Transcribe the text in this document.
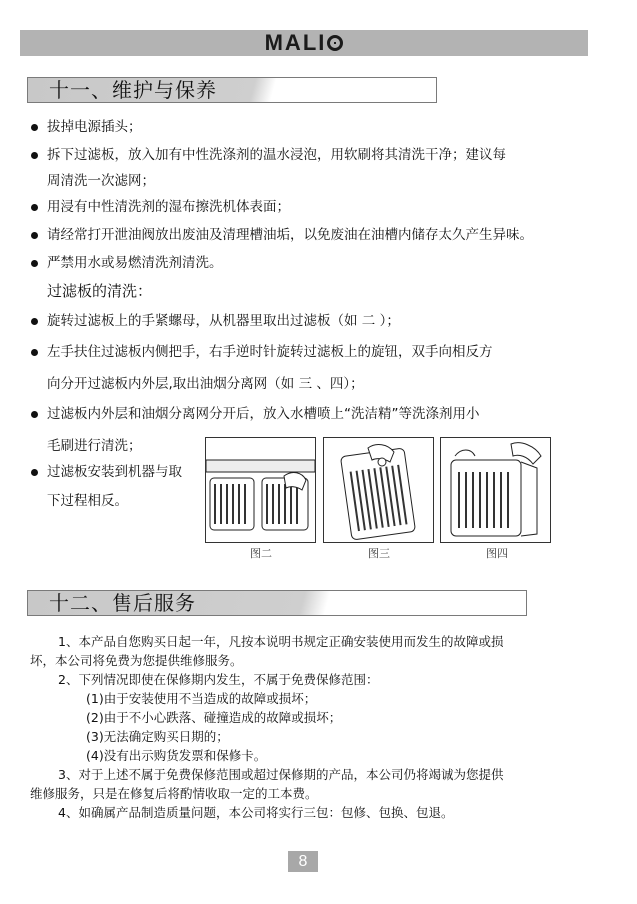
MALI
十一、维护与保养
拔掉电源插头；
拆下过滤板，放入加有中性洗涤剂的温水浸泡，用软刷将其清洗干净；建议每
周清洗一次滤网；
用浸有中性清洗剂的湿布擦洗机体表面；
请经常打开泄油阀放出废油及清理槽油垢，以免废油在油槽内储存太久产生异味。
严禁用水或易燃清洗剂清洗。
过滤板的清洗：
旋转过滤板上的手紧螺母，从机器里取出过滤板（如 二 ）；
左手扶住过滤板内侧把手，右手逆时针旋转过滤板上的旋钮，双手向相反方
向分开过滤板内外层,取出油烟分离网（如 三 、四）；
过滤板内外层和油烟分离网分开后，放入水槽喷上“洗洁精”等洗涤剂用小
毛刷进行清洗；
过滤板安装到机器与取
下过程相反。
图二	图三	图四
十二、售后服务
1、本产品自您购买日起一年，凡按本说明书规定正确安装使用而发生的故障或损
坏，本公司将免费为您提供维修服务。
2、下列情况即使在保修期内发生，不属于免费保修范围：
(1)由于安装使用不当造成的故障或损坏；
(2)由于不小心跌落、碰撞造成的故障或损坏；
(3)无法确定购买日期的；
(4)没有出示购货发票和保修卡。
3、对于上述不属于免费保修范围或超过保修期的产品，本公司仍将竭诚为您提供
维修服务，只是在修复后将酌情收取一定的工本费。
4、如确属产品制造质量问题，本公司将实行三包：包修、包换、包退。
8
